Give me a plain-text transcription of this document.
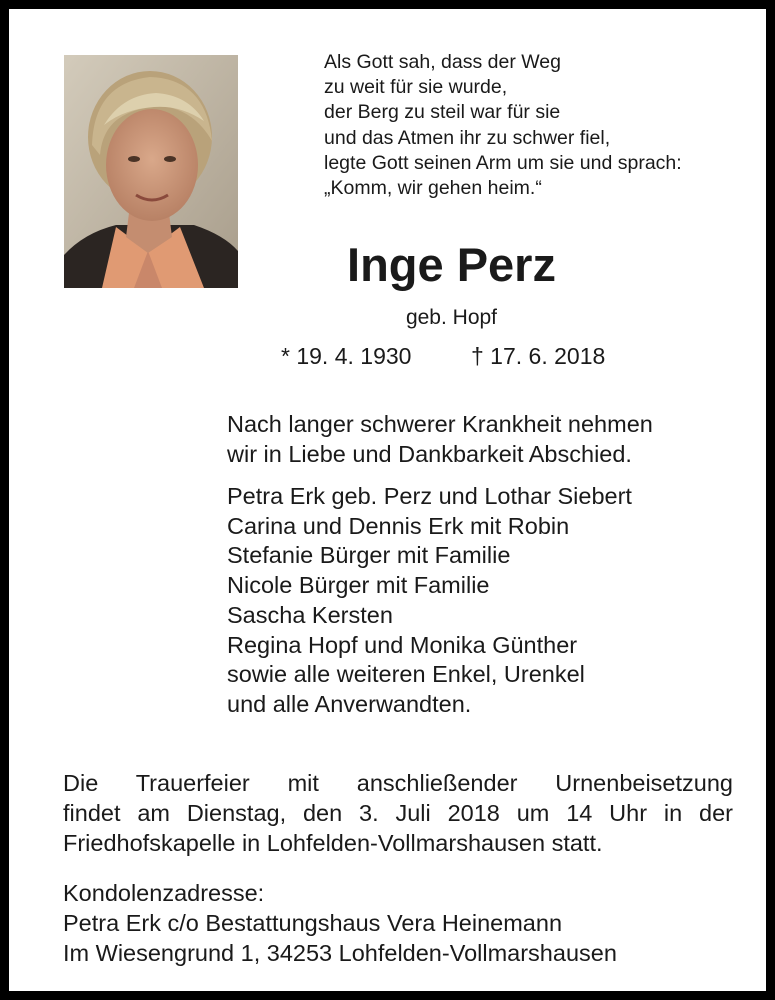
Als Gott sah, dass der Weg
zu weit für sie wurde,
der Berg zu steil war für sie
und das Atmen ihr zu schwer fiel,
legte Gott seinen Arm um sie und sprach:
„Komm, wir gehen heim.“
Inge Perz
geb. Hopf
* 19. 4. 1930	† 17. 6. 2018
Nach langer schwerer Krankheit nehmen
wir in Liebe und Dankbarkeit Abschied.
Petra Erk geb. Perz und Lothar Siebert
Carina und Dennis Erk mit Robin
Stefanie Bürger mit Familie
Nicole Bürger mit Familie
Sascha Kersten
Regina Hopf und Monika Günther
sowie alle weiteren Enkel, Urenkel
und alle Anverwandten.
Die Trauerfeier mit anschließender Urnenbeisetzung
findet am Dienstag, den 3. Juli 2018 um 14 Uhr in der
Friedhofskapelle in Lohfelden-Vollmarshausen statt.
Kondolenzadresse:
Petra Erk c/o Bestattungshaus Vera Heinemann
Im Wiesengrund 1, 34253 Lohfelden-Vollmarshausen
